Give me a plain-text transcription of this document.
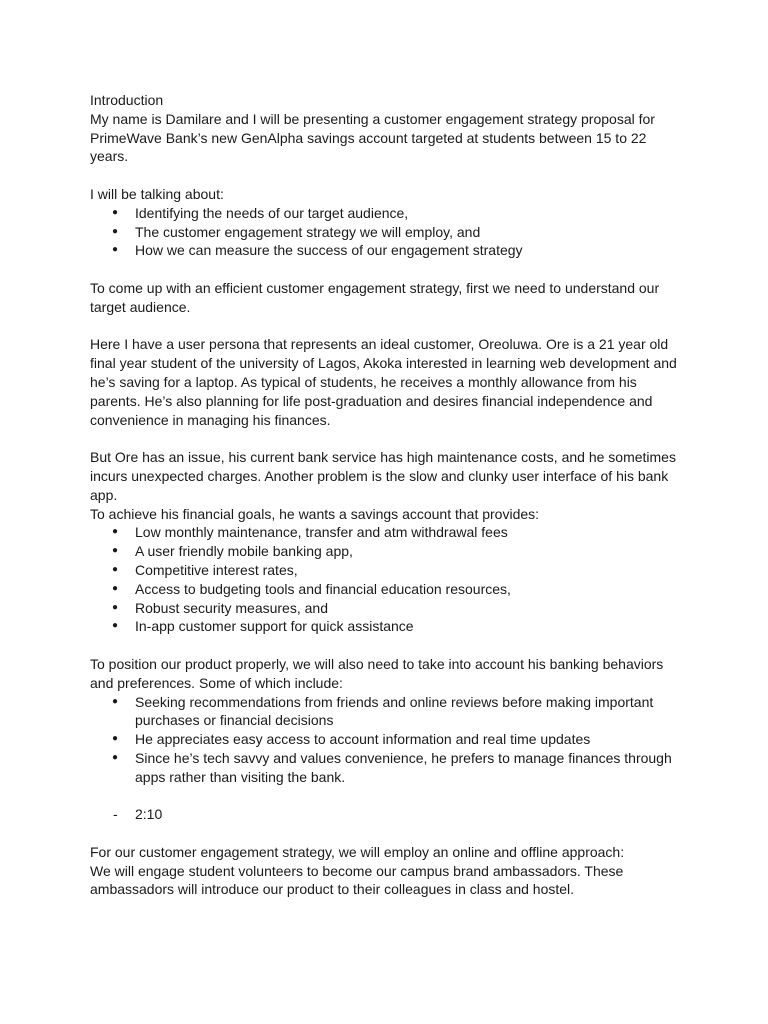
Introduction

My name is Damilare and I will be presenting a customer engagement strategy proposal for PrimeWave Bank’s new GenAlpha savings account targeted at students between 15 to 22 years.

I will be talking about:

● Identifying the needs of our target audience,
● The customer engagement strategy we will employ, and
● How we can measure the success of our engagement strategy

To come up with an efficient customer engagement strategy, first we need to understand our target audience.

Here I have a user persona that represents an ideal customer, Oreoluwa. Ore is a 21 year old final year student of the university of Lagos, Akoka interested in learning web development and he’s saving for a laptop. As typical of students, he receives a monthly allowance from his parents. He’s also planning for life post-graduation and desires financial independence and convenience in managing his finances.

But Ore has an issue, his current bank service has high maintenance costs, and he sometimes incurs unexpected charges. Another problem is the slow and clunky user interface of his bank app.

To achieve his financial goals, he wants a savings account that provides:

● Low monthly maintenance, transfer and atm withdrawal fees
● A user friendly mobile banking app,
● Competitive interest rates,
● Access to budgeting tools and financial education resources,
● Robust security measures, and
● In-app customer support for quick assistance

To position our product properly, we will also need to take into account his banking behaviors and preferences. Some of which include:

● Seeking recommendations from friends and online reviews before making important purchases or financial decisions
● He appreciates easy access to account information and real time updates
● Since he’s tech savvy and values convenience, he prefers to manage finances through apps rather than visiting the bank.
- 2:10

For our customer engagement strategy, we will employ an online and offline approach:

We will engage student volunteers to become our campus brand ambassadors. These ambassadors will introduce our product to their colleagues in class and hostel.
